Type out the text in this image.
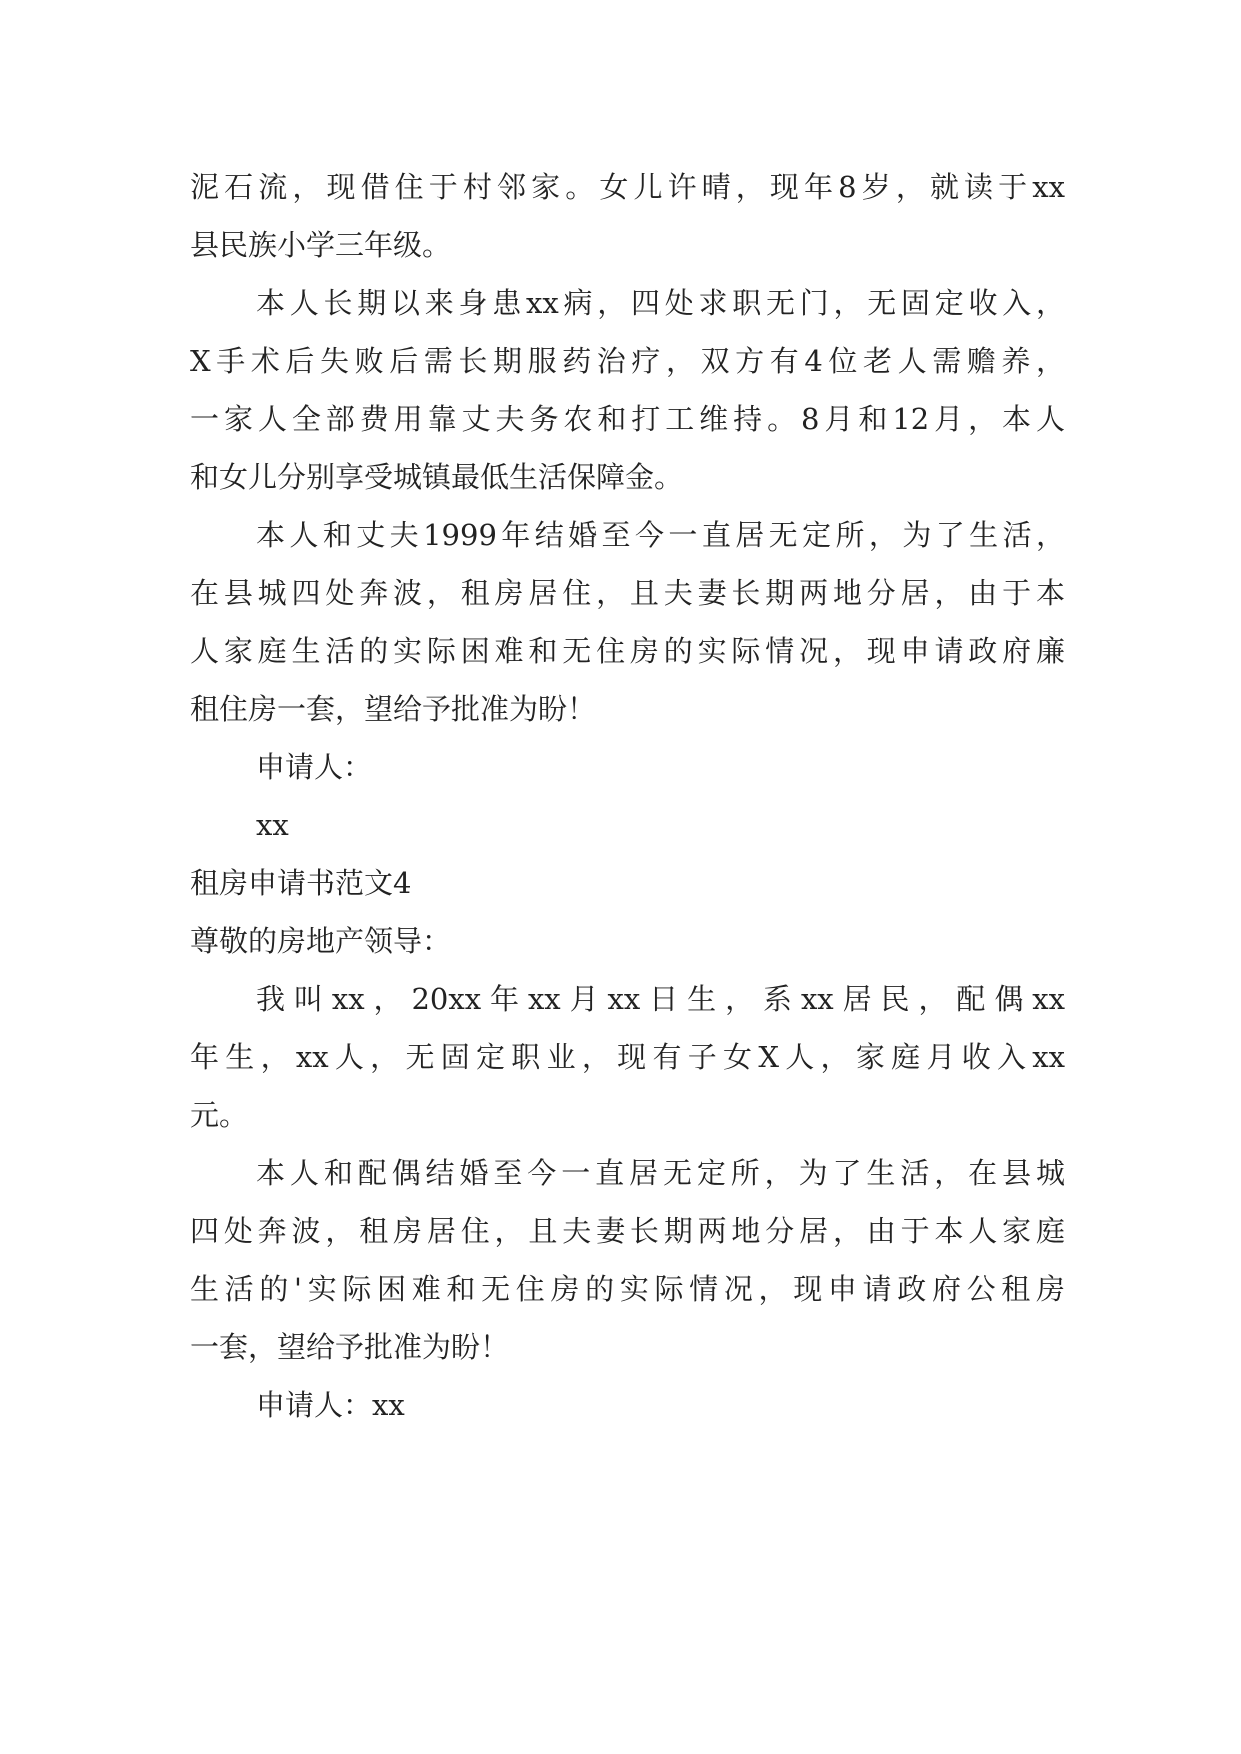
泥石流，现借住于村邻家。女儿许晴，现年8岁，就读于xx
县民族小学三年级。
本人长期以来身患xx病，四处求职无门，无固定收入，
X手术后失败后需长期服药治疗，双方有4位老人需赡养，
一家人全部费用靠丈夫务农和打工维持。8月和12月，本人
和女儿分别享受城镇最低生活保障金。
本人和丈夫1999年结婚至今一直居无定所，为了生活，
在县城四处奔波，租房居住，且夫妻长期两地分居，由于本
人家庭生活的实际困难和无住房的实际情况，现申请政府廉
租住房一套，望给予批准为盼！
申请人：
xx
租房申请书范文4
尊敬的房地产领导：
我叫xx，20xx年xx月xx日生，系xx居民，配偶xx
年生，xx人，无固定职业，现有子女X人，家庭月收入xx
元。
本人和配偶结婚至今一直居无定所，为了生活，在县城
四处奔波，租房居住，且夫妻长期两地分居，由于本人家庭
生活的'实际困难和无住房的实际情况，现申请政府公租房
一套，望给予批准为盼！
申请人：xx
